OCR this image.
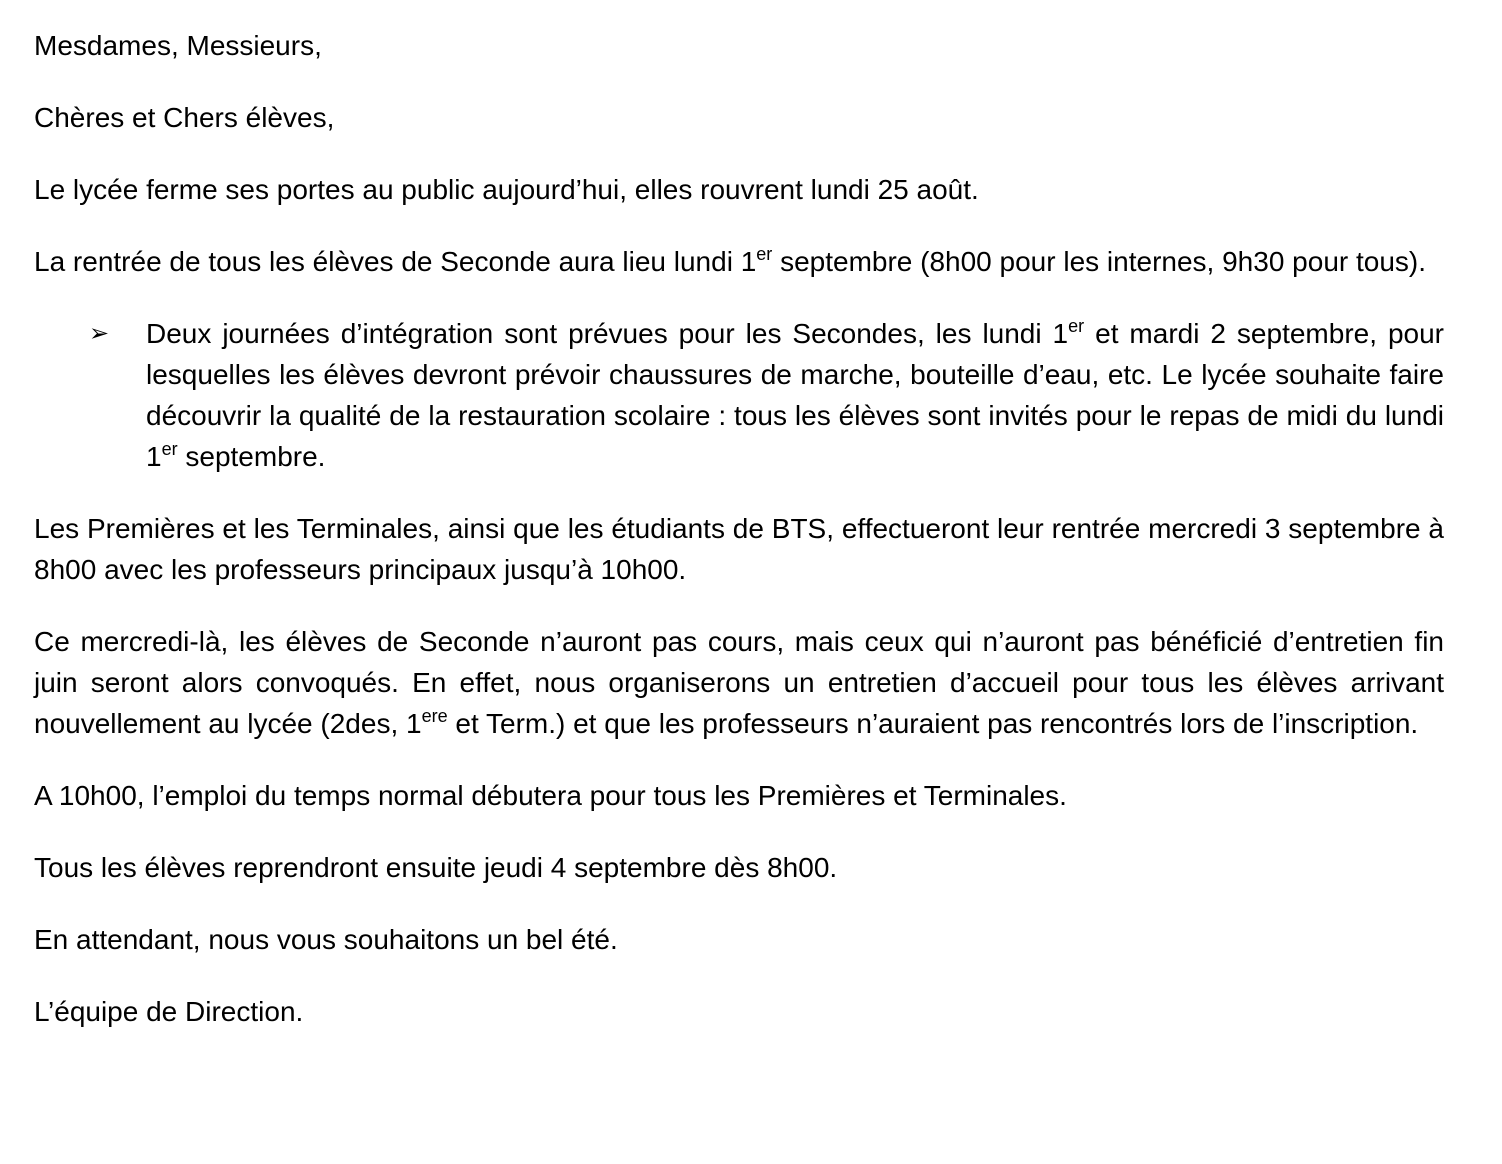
Mesdames, Messieurs,

Chères et Chers élèves,

Le lycée ferme ses portes au public aujourd’hui, elles rouvrent lundi 25 août.

La rentrée de tous les élèves de Seconde aura lieu lundi 1er septembre (8h00 pour les internes, 9h30 pour tous).

➢ Deux journées d’intégration sont prévues pour les Secondes, les lundi 1er et mardi 2 septembre, pour lesquelles les élèves devront prévoir chaussures de marche, bouteille d’eau, etc. Le lycée souhaite faire découvrir la qualité de la restauration scolaire : tous les élèves sont invités pour le repas de midi du lundi 1er septembre.

Les Premières et les Terminales, ainsi que les étudiants de BTS, effectueront leur rentrée mercredi 3 septembre à 8h00 avec les professeurs principaux jusqu’à 10h00.

Ce mercredi-là, les élèves de Seconde n’auront pas cours, mais ceux qui n’auront pas bénéficié d’entretien fin juin seront alors convoqués. En effet, nous organiserons un entretien d’accueil pour tous les élèves arrivant nouvellement au lycée (2des, 1ere et Term.) et que les professeurs n’auraient pas rencontrés lors de l’inscription.

A 10h00, l’emploi du temps normal débutera pour tous les Premières et Terminales.

Tous les élèves reprendront ensuite jeudi 4 septembre dès 8h00.

En attendant, nous vous souhaitons un bel été.

L’équipe de Direction.
